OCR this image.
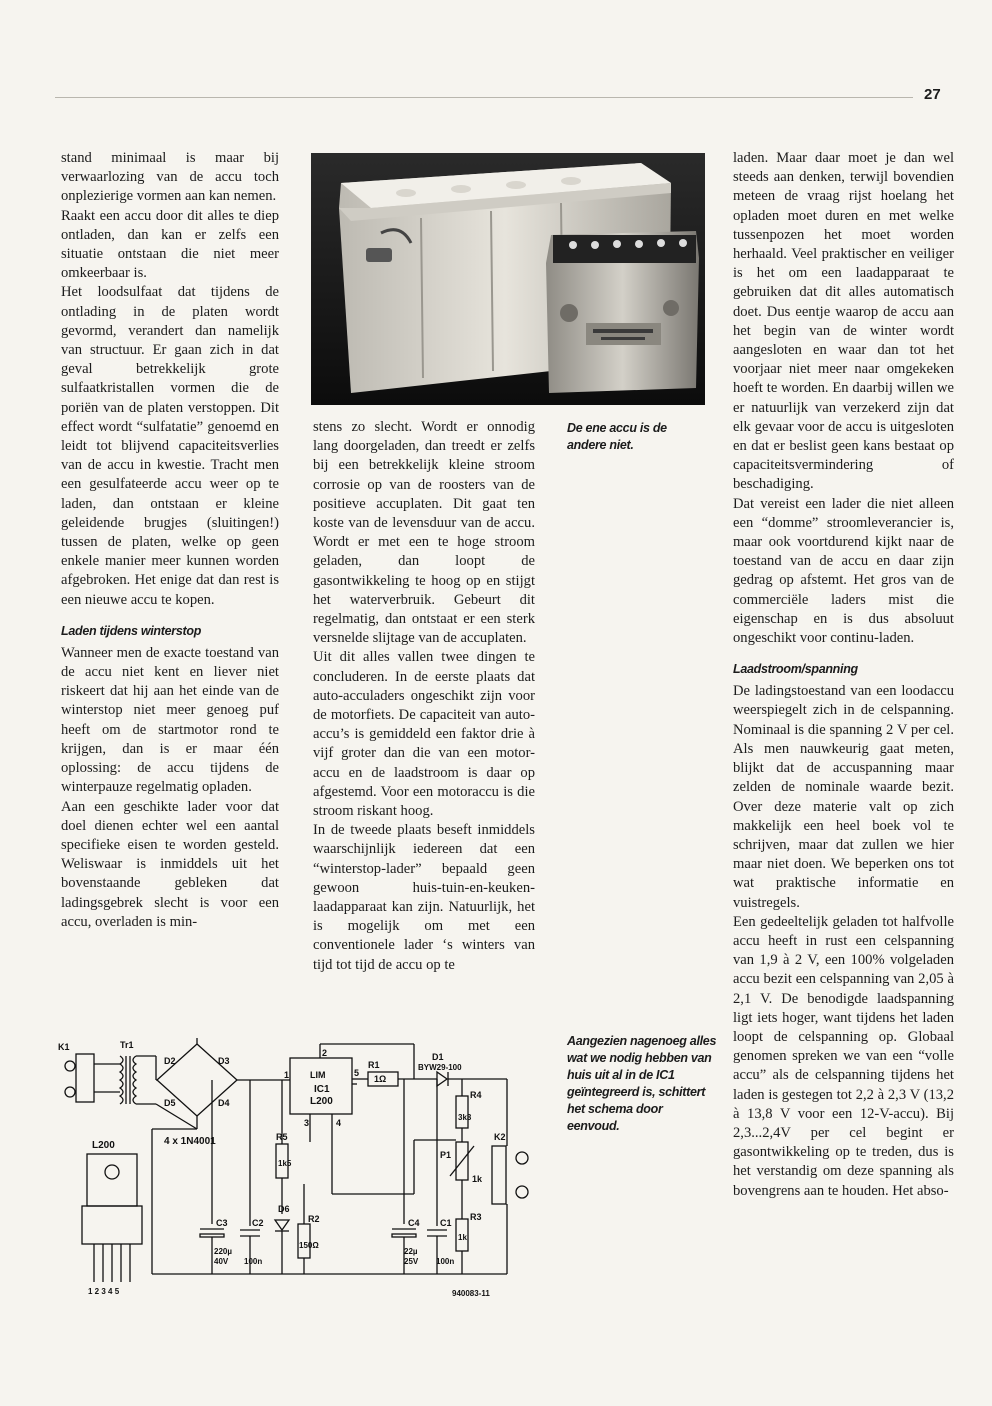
27

stand minimaal is maar bij verwaarlozing van de accu toch onplezierige vormen aan kan nemen.

Raakt een accu door dit alles te diep ontladen, dan kan er zelfs een situatie ontstaan die niet meer omkeerbaar is.

Het loodsulfaat dat tijdens de ontlading in de platen wordt gevormd, verandert dan namelijk van structuur. Er gaan zich in dat geval betrekkelijk grote sulfaatkristallen vormen die de poriën van de platen verstoppen. Dit effect wordt “sulfatatie” genoemd en leidt tot blijvend capaciteitsverlies van de accu in kwestie. Tracht men een gesulfateerde accu weer op te laden, dan ontstaan er kleine geleidende brugjes (sluitingen!) tussen de platen, welke op geen enkele manier meer kunnen worden afgebroken. Het enige dat dan rest is een nieuwe accu te kopen.

Laden tijdens winterstop

Wanneer men de exacte toestand van de accu niet kent en liever niet riskeert dat hij aan het einde van de winterstop niet meer genoeg puf heeft om de startmotor rond te krijgen, dan is er maar één oplossing: de accu tijdens de winterpauze regelmatig opladen.

Aan een geschikte lader voor dat doel dienen echter wel een aantal specifieke eisen te worden gesteld. Weliswaar is inmiddels uit het bovenstaande gebleken dat ladingsgebrek slecht is voor een accu, overladen is min-

stens zo slecht. Wordt er onnodig lang doorgeladen, dan treedt er zelfs bij een betrekkelijk kleine stroom corrosie op van de roosters van de positieve accuplaten. Dit gaat ten koste van de levensduur van de accu. Wordt er met een te hoge stroom geladen, dan loopt de gasontwikkeling te hoog op en stijgt het waterverbruik. Gebeurt dit regelmatig, dan ontstaat er een sterk versnelde slijtage van de accuplaten.

Uit dit alles vallen twee dingen te concluderen. In de eerste plaats dat auto-acculaders ongeschikt zijn voor de motorfiets. De capaciteit van auto-accu’s is gemiddeld een faktor drie à vijf groter dan die van een motor-accu en de laadstroom is daar op afgestemd. Voor een motoraccu is die stroom riskant hoog.

In de tweede plaats beseft inmiddels waarschijnlijk iedereen dat een “winterstop-lader” bepaald geen gewoon huis-tuin-en-keuken-laadapparaat kan zijn. Natuurlijk, het is mogelijk om met een conventionele lader ‘s winters van tijd tot tijd de accu op te

De ene accu is de andere niet.
Aangezien nagenoeg alles wat we nodig hebben van huis uit al in de IC1 geïntegreerd is, schittert het schema door eenvoud.

laden. Maar daar moet je dan wel steeds aan denken, terwijl bovendien meteen de vraag rijst hoelang het opladen moet duren en met welke tussenpozen het moet worden herhaald. Veel praktischer en veiliger is het om een laadapparaat te gebruiken dat dit alles automatisch doet. Dus eentje waarop de accu aan het begin van de winter wordt aangesloten en waar dan tot het voorjaar niet meer naar omgekeken hoeft te worden. En daarbij willen we er natuurlijk van verzekerd zijn dat elk gevaar voor de accu is uitgesloten en dat er beslist geen kans bestaat op capaciteitsvermindering of beschadiging.

Dat vereist een lader die niet alleen een “domme” stroomleverancier is, maar ook voortdurend kijkt naar de toestand van de accu en daar zijn gedrag op afstemt. Het gros van de commerciële laders mist die eigenschap en is dus absoluut ongeschikt voor continu-laden.

Laadstroom/spanning

De ladingstoestand van een loodaccu weerspiegelt zich in de celspanning. Nominaal is die spanning 2 V per cel. Als men nauwkeurig gaat meten, blijkt dat de accuspanning maar zelden de nominale waarde bezit. Over deze materie valt op zich makkelijk een heel boek vol te schrijven, maar dat zullen we hier maar niet doen. We beperken ons tot wat praktische informatie en vuistregels.

Een gedeeltelijk geladen tot halfvolle accu heeft in rust een celspanning van 1,9 à 2 V, een 100% volgeladen accu bezit een celspanning van 2,05 à 2,1 V. De benodigde laadspanning ligt iets hoger, want tijdens het laden loopt de celspanning op. Globaal genomen spreken we van een “volle accu” als de celspanning tijdens het laden is gestegen tot 2,2 à 2,3 V (13,2 à 13,8 V voor een 12-V-accu). Bij 2,3...2,4V per cel begint er gasontwikkeling op te treden, dus is het verstandig om deze spanning als bovengrens aan te houden. Het abso-

K1	Tr1
D2	D3
D5	D4
4 x 1N4001
L200
1 2 3 4 5
LIM
IC1
L200
1
2
3	4
5
R1
1Ω
D1
BYW29-100
R4
3k3
K2
P1
1k
R5
1k5
D6
R2
150Ω
C3
220µ
40V
C2
100n
C4
22µ
25V
C1
100n
R3
1k
940083-11
